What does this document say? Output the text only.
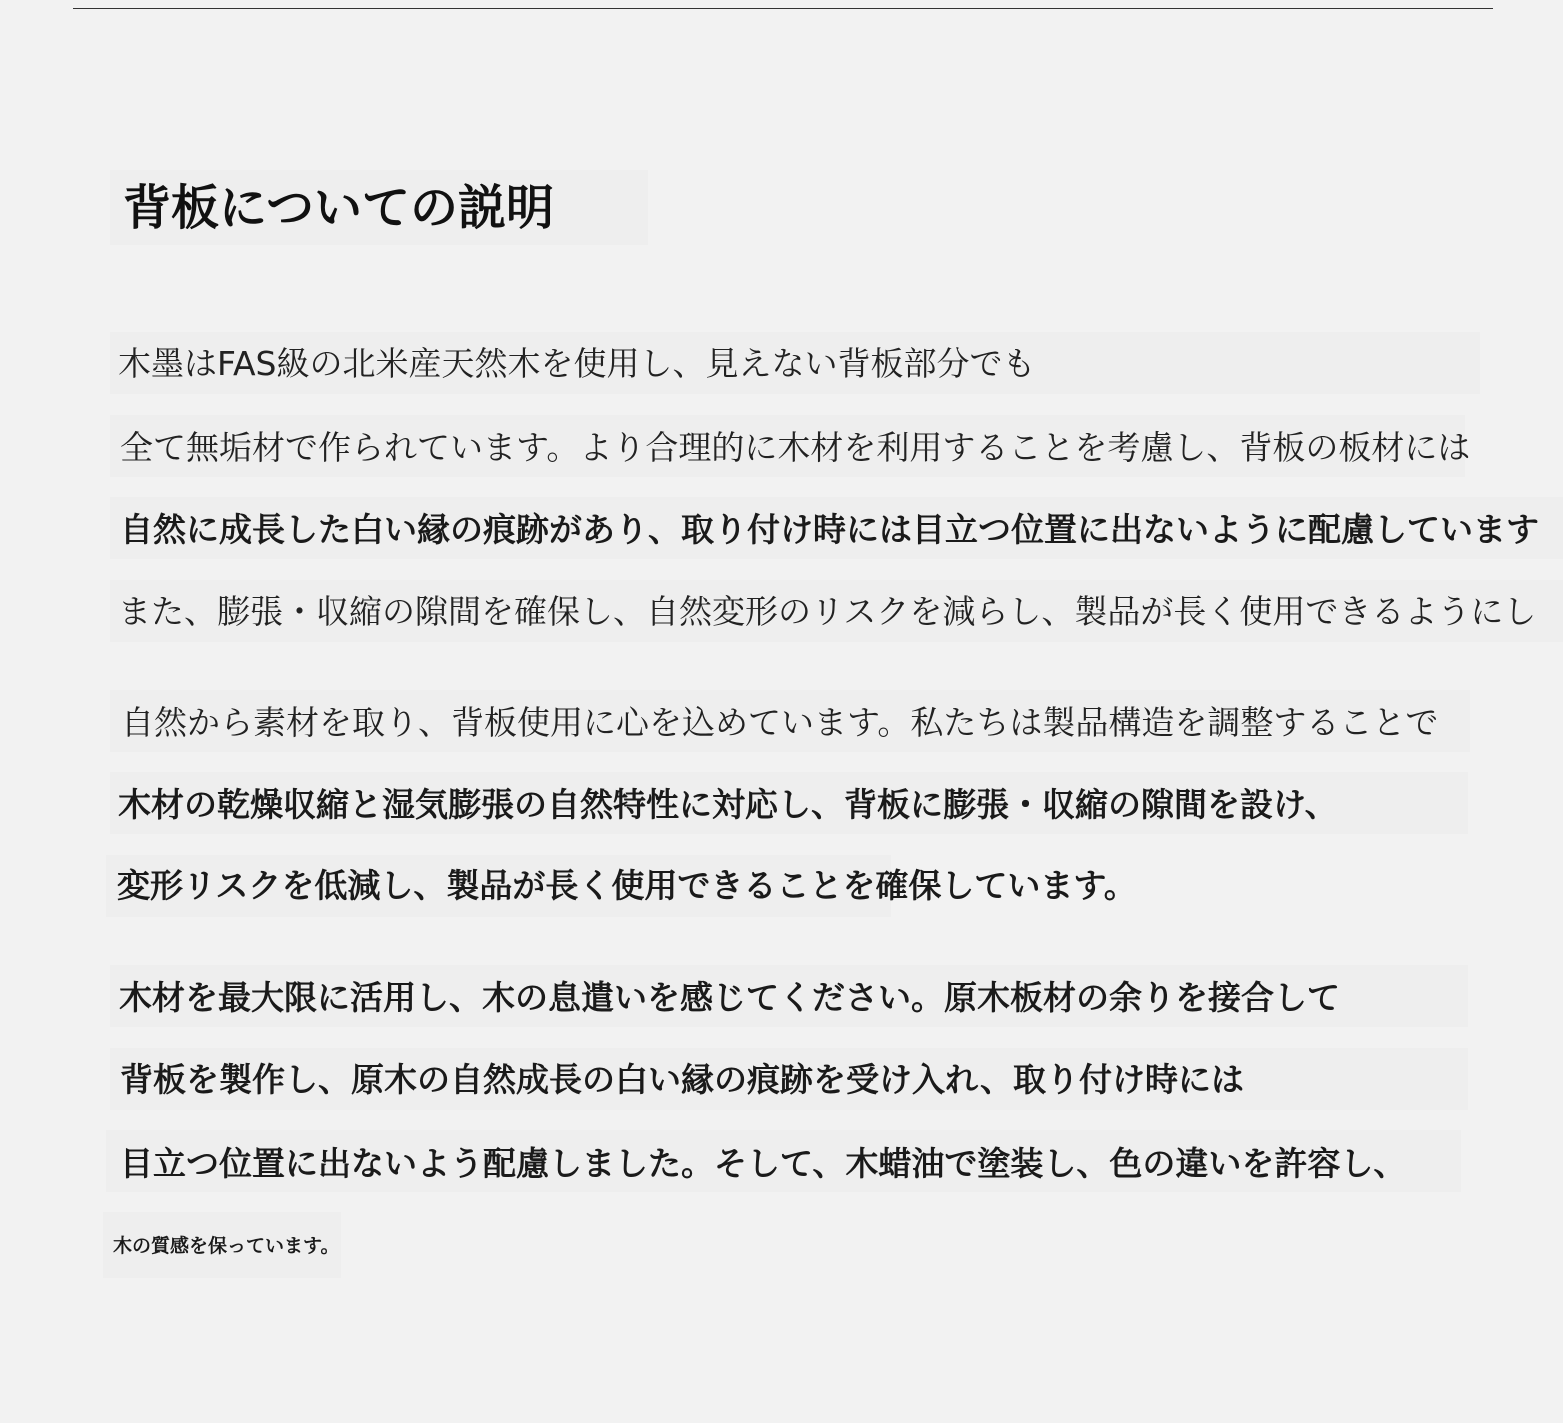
背板についての説明

木墨はFAS級の北米産天然木を使用し、見えない背板部分でも

全て無垢材で作られています。より合理的に木材を利用することを考慮し、背板の板材には

自然に成長した白い縁の痕跡があり、取り付け時には目立つ位置に出ないように配慮しています

また、膨張・収縮の隙間を確保し、自然変形のリスクを減らし、製品が長く使用できるようにし

自然から素材を取り、背板使用に心を込めています。私たちは製品構造を調整することで

木材の乾燥収縮と湿気膨張の自然特性に対応し、背板に膨張・収縮の隙間を設け、

変形リスクを低減し、製品が長く使用できることを確保しています。

木材を最大限に活用し、木の息遣いを感じてください。原木板材の余りを接合して

背板を製作し、原木の自然成長の白い縁の痕跡を受け入れ、取り付け時には

目立つ位置に出ないよう配慮しました。そして、木蜡油で塗装し、色の違いを許容し、

木の質感を保っています。
